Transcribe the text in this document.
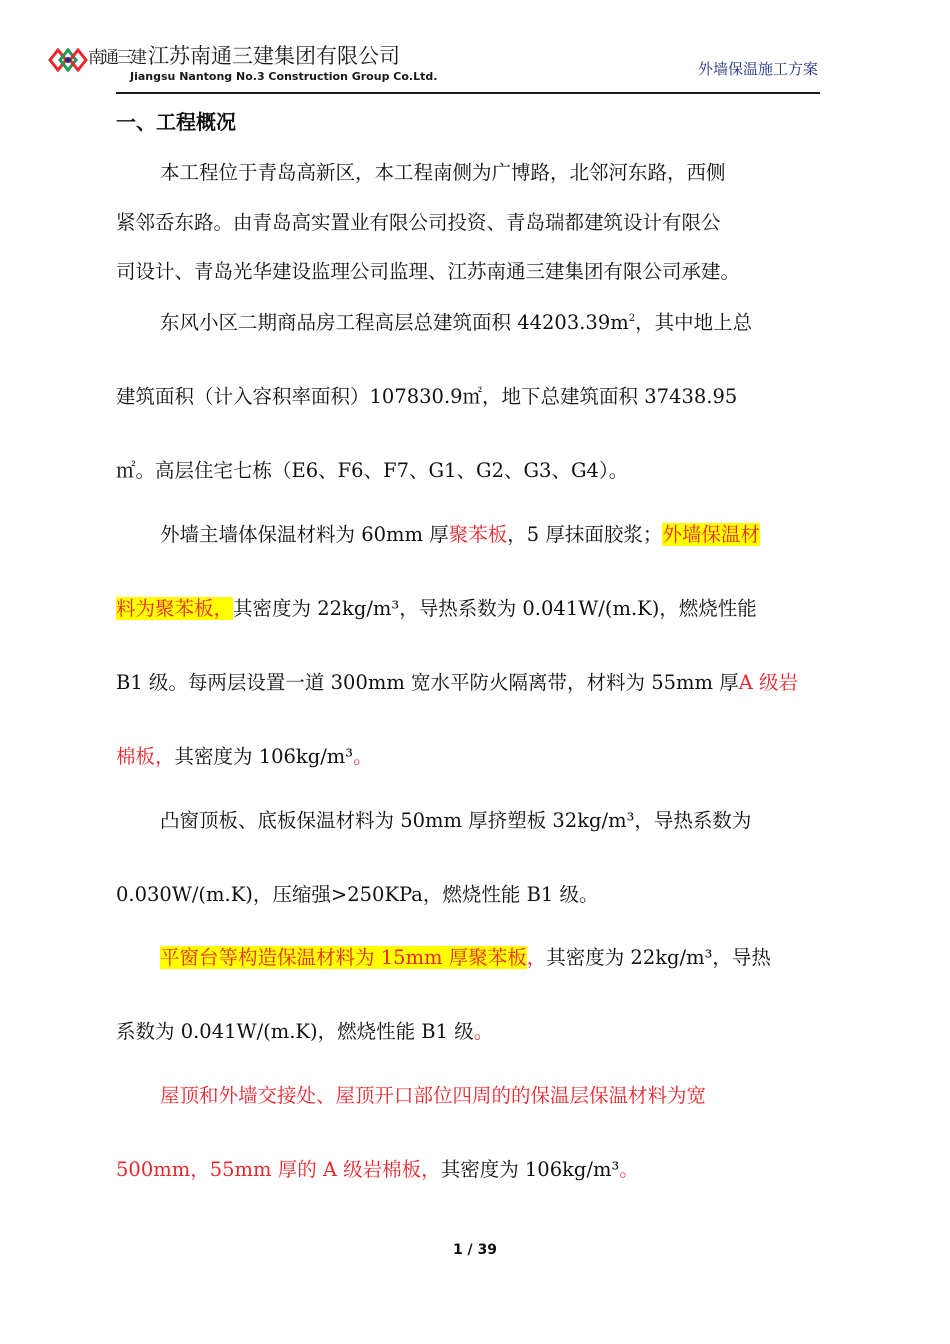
南通三建 江苏南通三建集团有限公司
Jiangsu Nantong No.3 Construction Group Co.Ltd.	外墙保温施工方案
一、工程概况
本工程位于青岛高新区，本工程南侧为广博路，北邻河东路，西侧
紧邻岙东路。由青岛高实置业有限公司投资、青岛瑞都建筑设计有限公
司设计、青岛光华建设监理公司监理、江苏南通三建集团有限公司承建。
东风小区二期商品房工程高层总建筑面积 $44203.39m^2$，其中地上总
建筑面积（计入容积率面积）107830.9㎡，地下总建筑面积 37438.95
㎡。高层住宅七栋（E6、F6、F7、G1、G2、G3、G4）。
外墙主墙体保温材料为 60mm 厚聚苯板，5 厚抹面胶浆；外墙保温材
料为聚苯板，其密度为 22kg/m³，导热系数为 0.041W/(m.K)，燃烧性能
B1 级。每两层设置一道 300mm 宽水平防火隔离带，材料为 55mm 厚A 级岩
棉板，其密度为 106kg/m³。
凸窗顶板、底板保温材料为 50mm 厚挤塑板 32kg/m³，导热系数为
0.030W/(m.K)，压缩强>250KPa，燃烧性能 B1 级。
平窗台等构造保温材料为 15mm 厚聚苯板，其密度为 22kg/m³，导热
系数为 0.041W/(m.K)，燃烧性能 B1 级。
屋顶和外墙交接处、屋顶开口部位四周的的保温层保温材料为宽
500mm，55mm 厚的 A 级岩棉板，其密度为 106kg/m³。
1 / 39
